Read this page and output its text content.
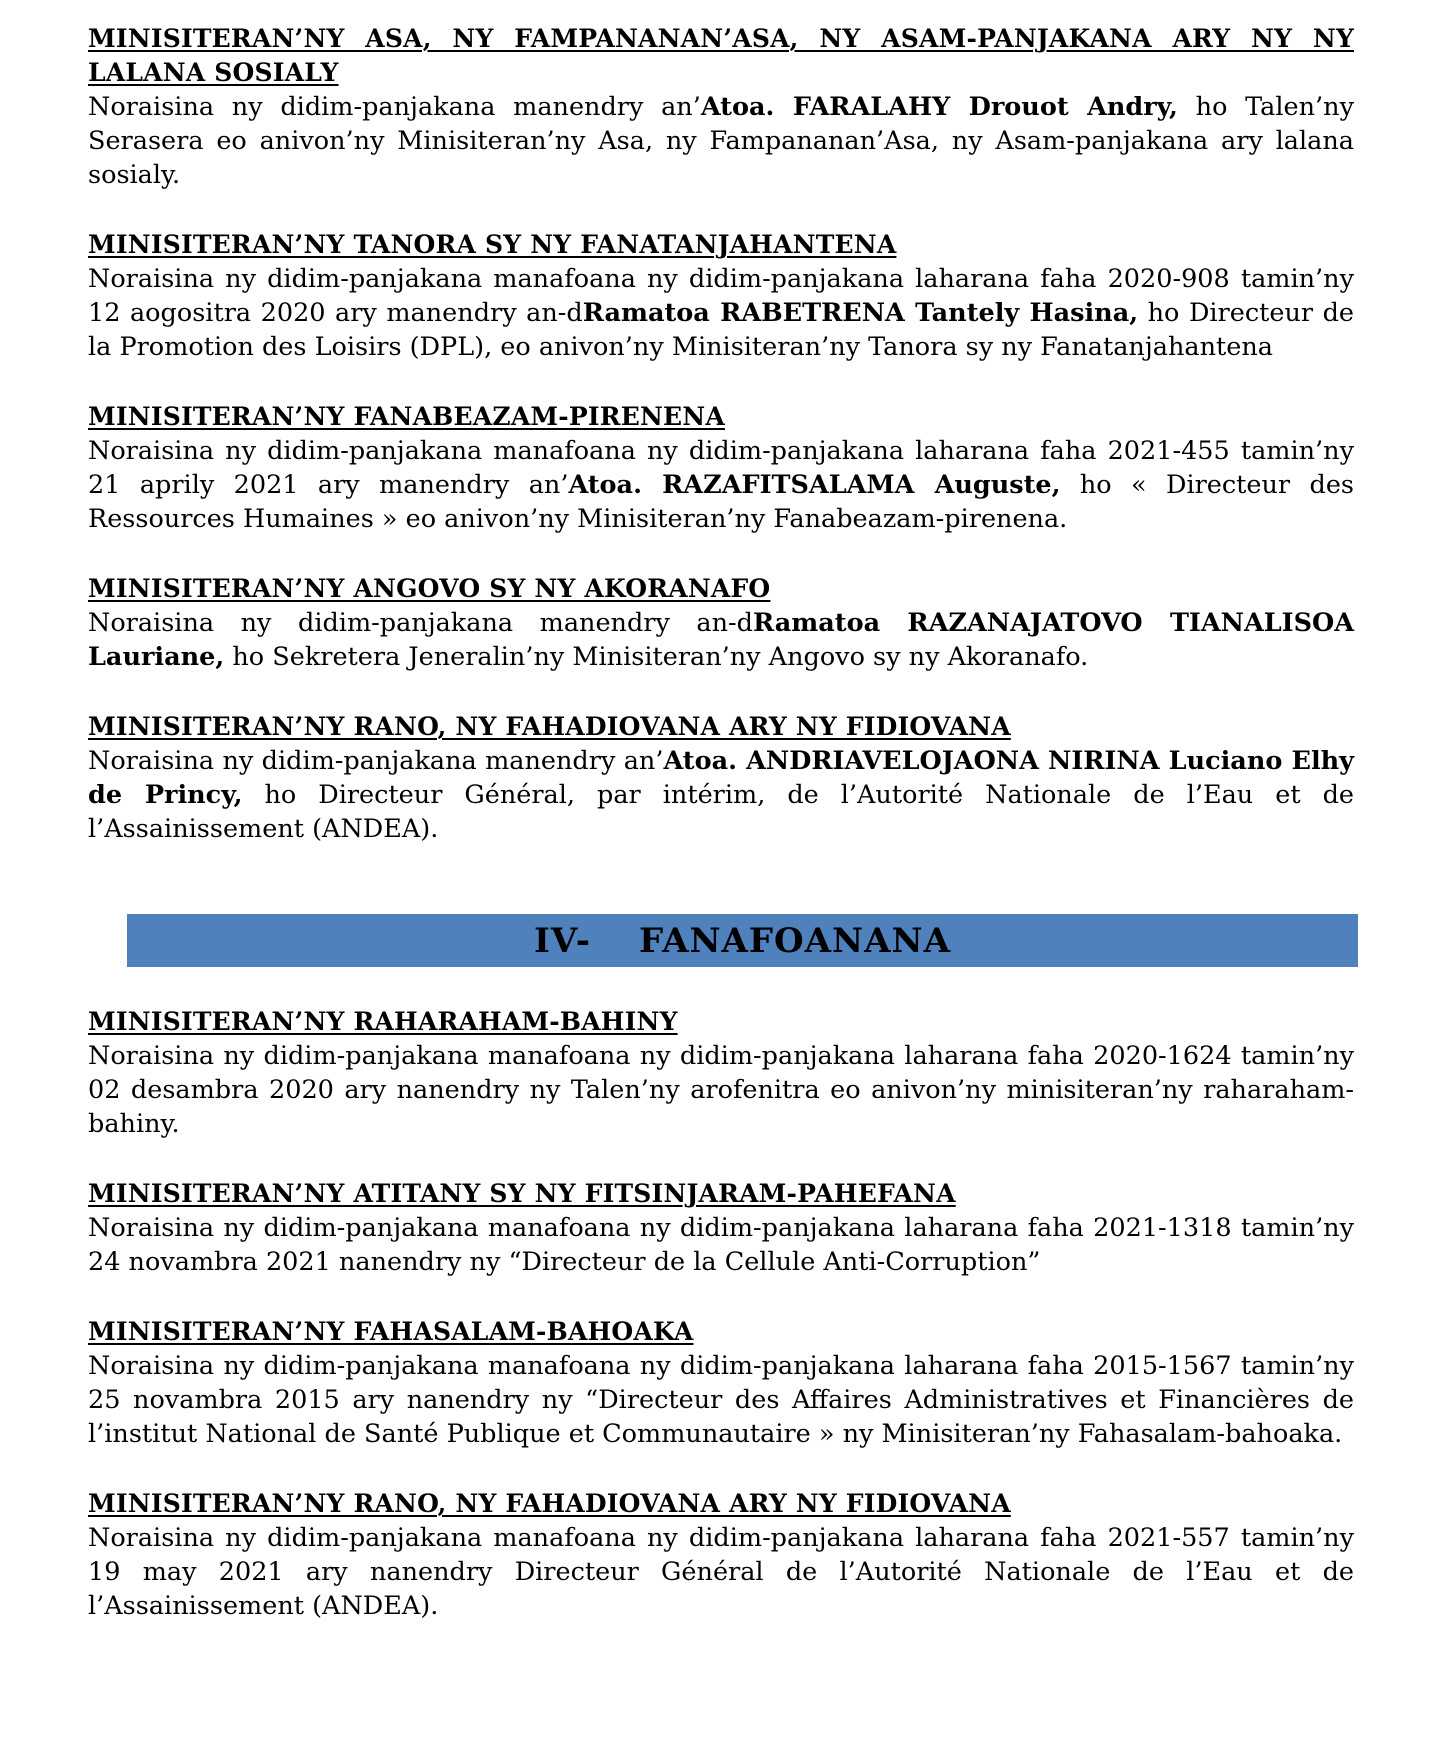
MINISITERAN’NY ASA, NY FAMPANANAN’ASA, NY ASAM-PANJAKANA ARY NY NY LALANA SOSIALY
Noraisina ny didim-panjakana manendry an’Atoa. FARALAHY Drouot Andry, ho Talen’ny Serasera eo anivon’ny Minisiteran’ny Asa, ny Fampananan’Asa, ny Asam-panjakana ary lalana sosialy.
MINISITERAN’NY TANORA SY NY FANATANJAHANTENA
Noraisina ny didim-panjakana manafoana ny didim-panjakana laharana faha 2020-908 tamin’ny 12 aogositra 2020 ary manendry an-dRamatoa RABETRENA Tantely Hasina, ho Directeur de la Promotion des Loisirs (DPL), eo anivon’ny Minisiteran’ny Tanora sy ny Fanatanjahantena
MINISITERAN’NY FANABEAZAM-PIRENENA
Noraisina ny didim-panjakana manafoana ny didim-panjakana laharana faha 2021-455 tamin’ny 21 aprily 2021 ary manendry an’Atoa. RAZAFITSALAMA Auguste, ho « Directeur des Ressources Humaines » eo anivon’ny Minisiteran’ny Fanabeazam-pirenena.
MINISITERAN’NY ANGOVO SY NY AKORANAFO
Noraisina ny didim-panjakana manendry an-dRamatoa RAZANAJATOVO TIANALISOA Lauriane, ho Sekretera Jeneralin’ny Minisiteran’ny Angovo sy ny Akoranafo.
MINISITERAN’NY RANO, NY FAHADIOVANA ARY NY FIDIOVANA
Noraisina ny didim-panjakana manendry an’Atoa. ANDRIAVELOJAONA NIRINA Luciano Elhy de Princy, ho Directeur Général, par intérim, de l’Autorité Nationale de l’Eau et de l’Assainissement (ANDEA).
IV- FANAFOANANA
MINISITERAN’NY RAHARAHAM-BAHINY
Noraisina ny didim-panjakana manafoana ny didim-panjakana laharana faha 2020-1624 tamin’ny 02 desambra 2020 ary nanendry ny Talen’ny arofenitra eo anivon’ny minisiteran’ny raharaham-bahiny.
MINISITERAN’NY ATITANY SY NY FITSINJARAM-PAHEFANA
Noraisina ny didim-panjakana manafoana ny didim-panjakana laharana faha 2021-1318 tamin’ny 24 novambra 2021 nanendry ny “Directeur de la Cellule Anti-Corruption”
MINISITERAN’NY FAHASALAM-BAHOAKA
Noraisina ny didim-panjakana manafoana ny didim-panjakana laharana faha 2015-1567 tamin’ny 25 novambra 2015 ary nanendry ny “Directeur des Affaires Administratives et Financières de l’institut National de Santé Publique et Communautaire » ny Minisiteran’ny Fahasalam-bahoaka.
MINISITERAN’NY RANO, NY FAHADIOVANA ARY NY FIDIOVANA
Noraisina ny didim-panjakana manafoana ny didim-panjakana laharana faha 2021-557 tamin’ny 19 may 2021 ary nanendry Directeur Général de l’Autorité Nationale de l’Eau et de l’Assainissement (ANDEA).
